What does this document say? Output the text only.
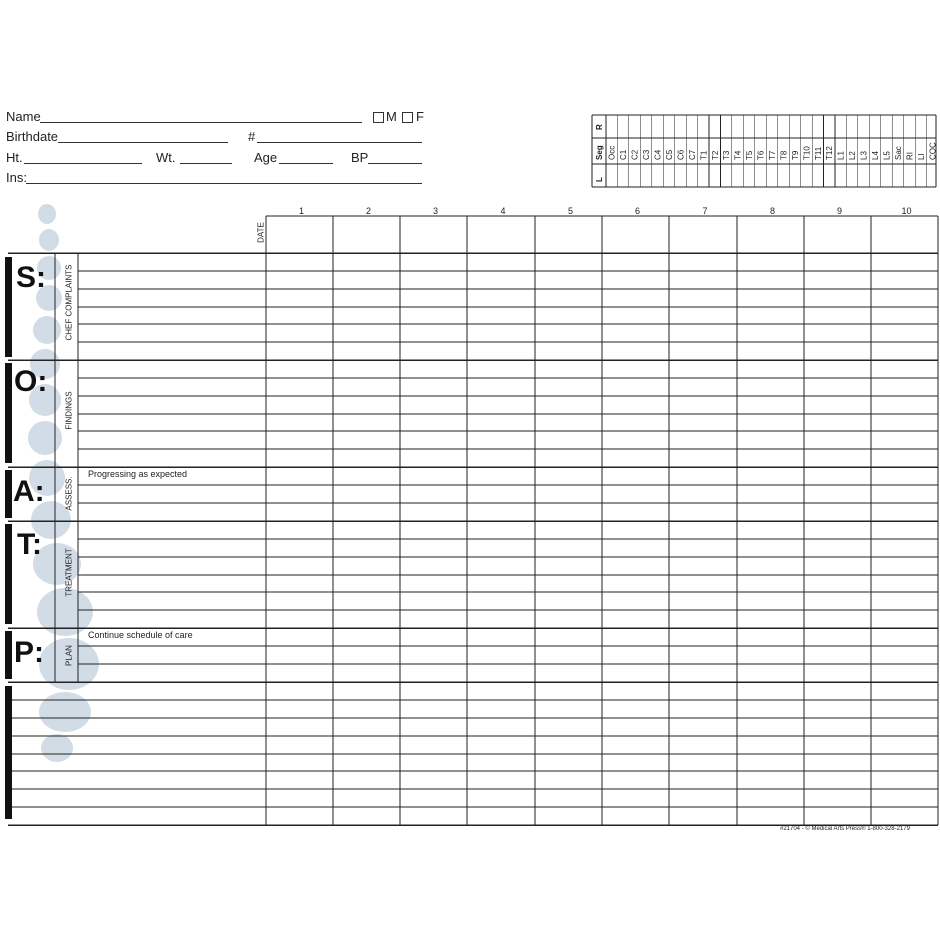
Name	M F
Birthdate	#
Ht.	Wt.	Age	BP
Ins:
Occ C1 C2 C3 C4 C5 C6 C7 T1 T2 T3 T4 T5 T6 T7 T8 T9 T10 T11 T12 L1 L2 L3 L4 L5 Sac RI LI COC
R
Seg
L
DATE
1	2	3	4	5	6	7	8	9	10
S: CHEF COMPLAINTS
O:
FINDINGS
A: ASSESS.
Progressing as expected
T:
TREATMENT
P:	PLAN
Continue schedule of care
#21704 - © Medical Arts Press® 1-800-328-2179
